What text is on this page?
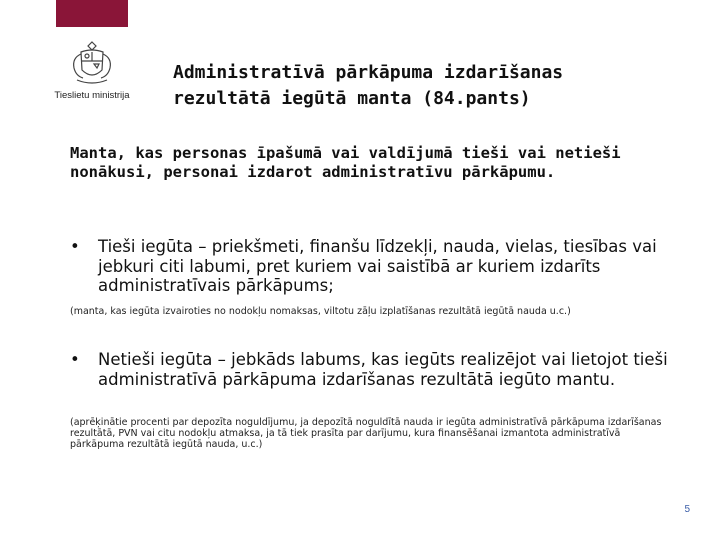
Tieslietu ministrija
Administratīvā pārkāpuma izdarīšanas
rezultātā iegūtā manta (84.pants)
Manta, kas personas īpašumā vai valdījumā tieši vai netieši nonākusi, personai izdarot administratīvu pārkāpumu.
•	Tieši iegūta – priekšmeti, finanšu līdzekļi, nauda, vielas, tiesības vai jebkuri citi labumi, pret kuriem vai saistībā ar kuriem izdarīts administratīvais pārkāpums;
(manta, kas iegūta izvairoties no nodokļu nomaksas, viltotu zāļu izplatīšanas rezultātā iegūtā nauda u.c.)
•	Netieši iegūta – jebkāds labums, kas iegūts realizējot vai lietojot tieši administratīvā pārkāpuma izdarīšanas rezultātā iegūto mantu.
(aprēķinātie procenti par depozīta noguldījumu, ja depozītā noguldītā nauda ir iegūta administratīvā pārkāpuma izdarīšanas rezultātā, PVN vai citu nodokļu atmaksa, ja tā tiek prasīta par darījumu, kura finansēšanai izmantota administratīvā pārkāpuma rezultātā iegūtā nauda, u.c.)
5
